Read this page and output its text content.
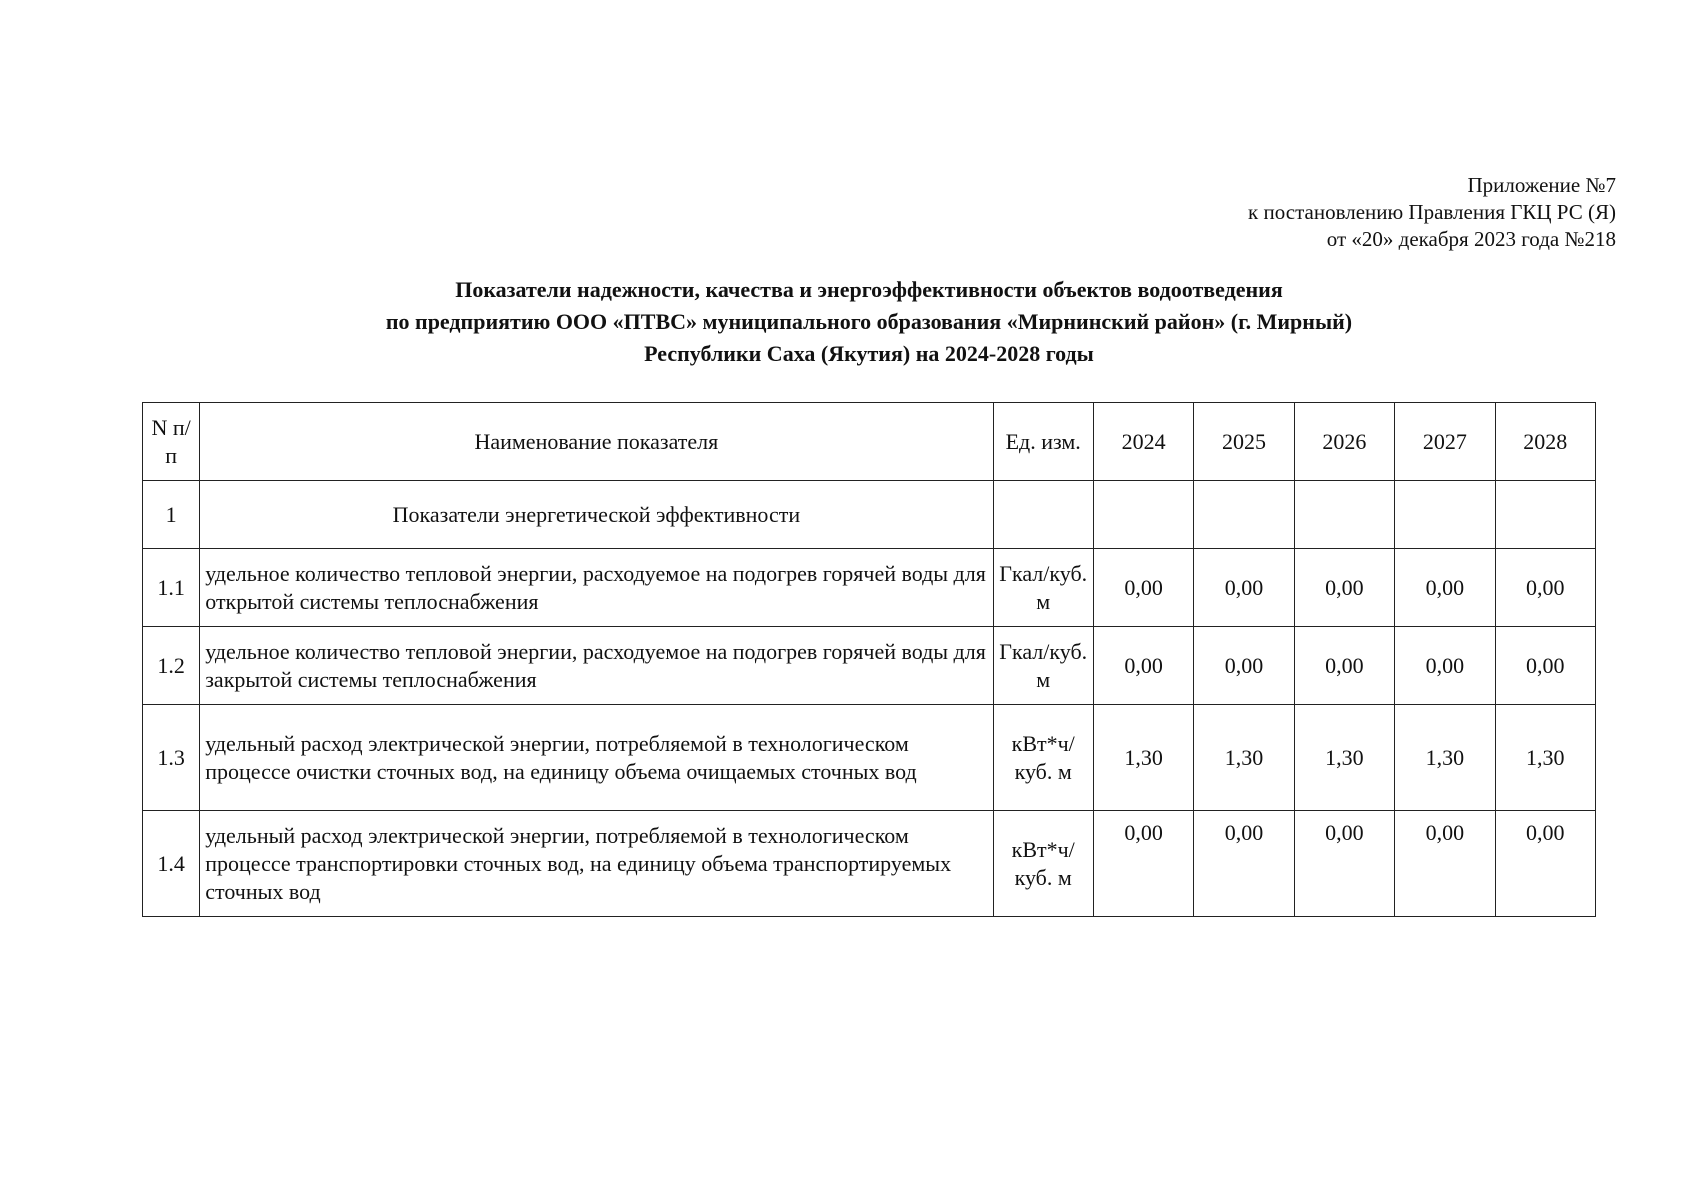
Приложение №7
к постановлению Правления ГКЦ РС (Я)
от «20» декабря 2023 года №218
Показатели надежности, качества и энергоэффективности объектов водоотведения
по предприятию ООО «ПТВС» муниципального образования «Мирнинский район» (г. Мирный)
Республики Саха (Якутия) на 2024-2028 годы
N п/п	Наименование показателя	Ед. изм.	2024	2025	2026	2027	2028
1	Показатели энергетической эффективности						
1.1	удельное количество тепловой энергии, расходуемое на подогрев горячей воды для открытой системы теплоснабжения	Гкал/куб. м	0,00	0,00	0,00	0,00	0,00
1.2	удельное количество тепловой энергии, расходуемое на подогрев горячей воды для закрытой системы теплоснабжения	Гкал/куб. м	0,00	0,00	0,00	0,00	0,00
1.3	удельный расход электрической энергии, потребляемой в технологическом процессе очистки сточных вод, на единицу объема очищаемых сточных вод	кВт*ч/куб. м	1,30	1,30	1,30	1,30	1,30
1.4	удельный расход электрической энергии, потребляемой в технологическом процессе транспортировки сточных вод, на единицу объема транспортируемых сточных вод	кВт*ч/куб. м	0,00	0,00	0,00	0,00	0,00
